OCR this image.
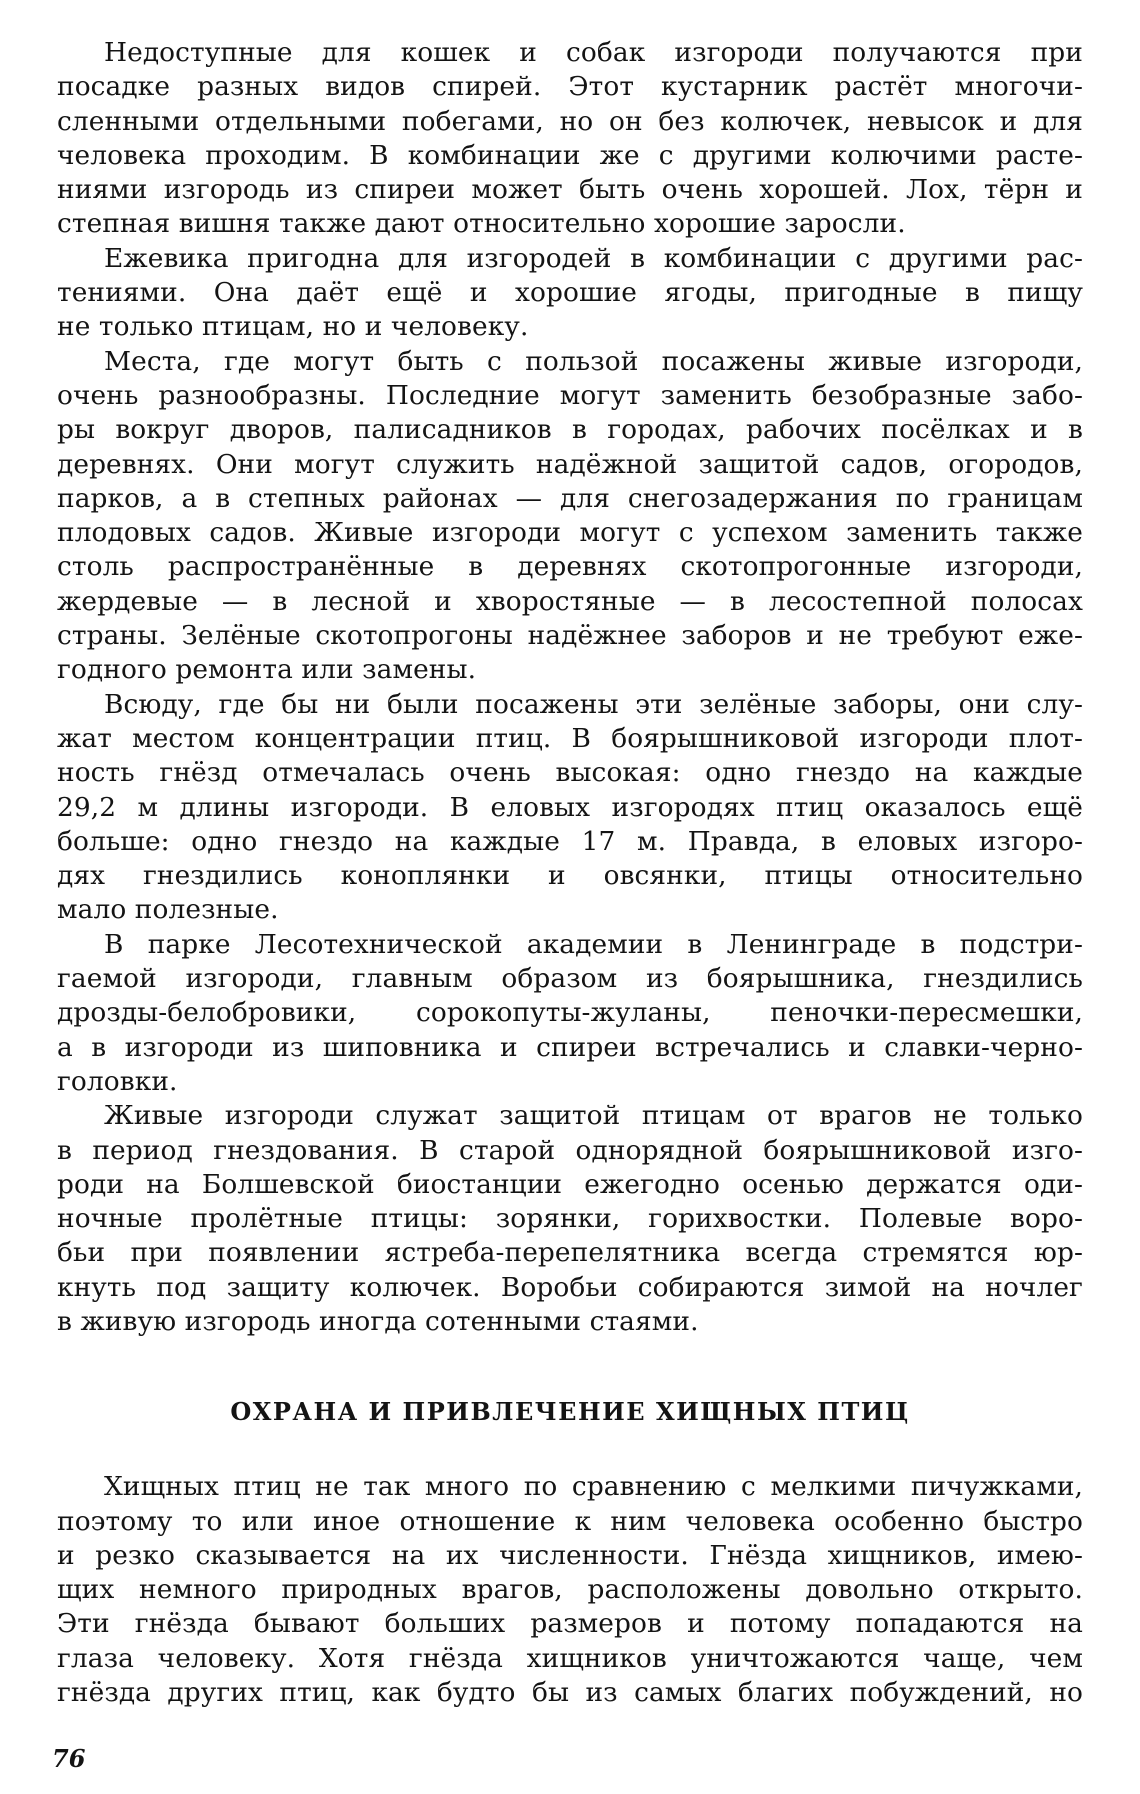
Недоступные для кошек и собак изгороди получаются при
посадке разных видов спирей. Этот кустарник растёт многочи-
сленными отдельными побегами, но он без колючек, невысок и для
человека проходим. В комбинации же с другими колючими расте-
ниями изгородь из спиреи может быть очень хорошей. Лох, тёрн и
степная вишня также дают относительно хорошие заросли.
Ежевика пригодна для изгородей в комбинации с другими рас-
тениями. Она даёт ещё и хорошие ягоды, пригодные в пищу
не только птицам, но и человеку.
Места, где могут быть с пользой посажены живые изгороди,
очень разнообразны. Последние могут заменить безобразные забо-
ры вокруг дворов, палисадников в городах, рабочих посёлках и в
деревнях. Они могут служить надёжной защитой садов, огородов,
парков, а в степных районах — для снегозадержания по границам
плодовых садов. Живые изгороди могут с успехом заменить также
столь распространённые в деревнях скотопрогонные изгороди,
жердевые — в лесной и хворостяные — в лесостепной полосах
страны. Зелёные скотопрогоны надёжнее заборов и не требуют еже-
годного ремонта или замены.
Всюду, где бы ни были посажены эти зелёные заборы, они слу-
жат местом концентрации птиц. В боярышниковой изгороди плот-
ность гнёзд отмечалась очень высокая: одно гнездо на каждые
29,2 м длины изгороди. В еловых изгородях птиц оказалось ещё
больше: одно гнездо на каждые 17 м. Правда, в еловых изгоро-
дях гнездились коноплянки и овсянки, птицы относительно
мало полезные.
В парке Лесотехнической академии в Ленинграде в подстри-
гаемой изгороди, главным образом из боярышника, гнездились
дрозды-белобровики, сорокопуты-жуланы, пеночки-пересмешки,
а в изгороди из шиповника и спиреи встречались и славки-черно-
головки.
Живые изгороди служат защитой птицам от врагов не только
в период гнездования. В старой однорядной боярышниковой изго-
роди на Болшевской биостанции ежегодно осенью держатся оди-
ночные пролётные птицы: зорянки, горихвостки. Полевые воро-
бьи при появлении ястреба-перепелятника всегда стремятся юр-
кнуть под защиту колючек. Воробьи собираются зимой на ночлег
в живую изгородь иногда сотенными стаями.
ОХРАНА И ПРИВЛЕЧЕНИЕ ХИЩНЫХ ПТИЦ
Хищных птиц не так много по сравнению с мелкими пичужками,
поэтому то или иное отношение к ним человека особенно быстро
и резко сказывается на их численности. Гнёзда хищников, имею-
щих немного природных врагов, расположены довольно открыто.
Эти гнёзда бывают больших размеров и потому попадаются на
глаза человеку. Хотя гнёзда хищников уничтожаются чаще, чем
гнёзда других птиц, как будто бы из самых благих побуждений, но
76
